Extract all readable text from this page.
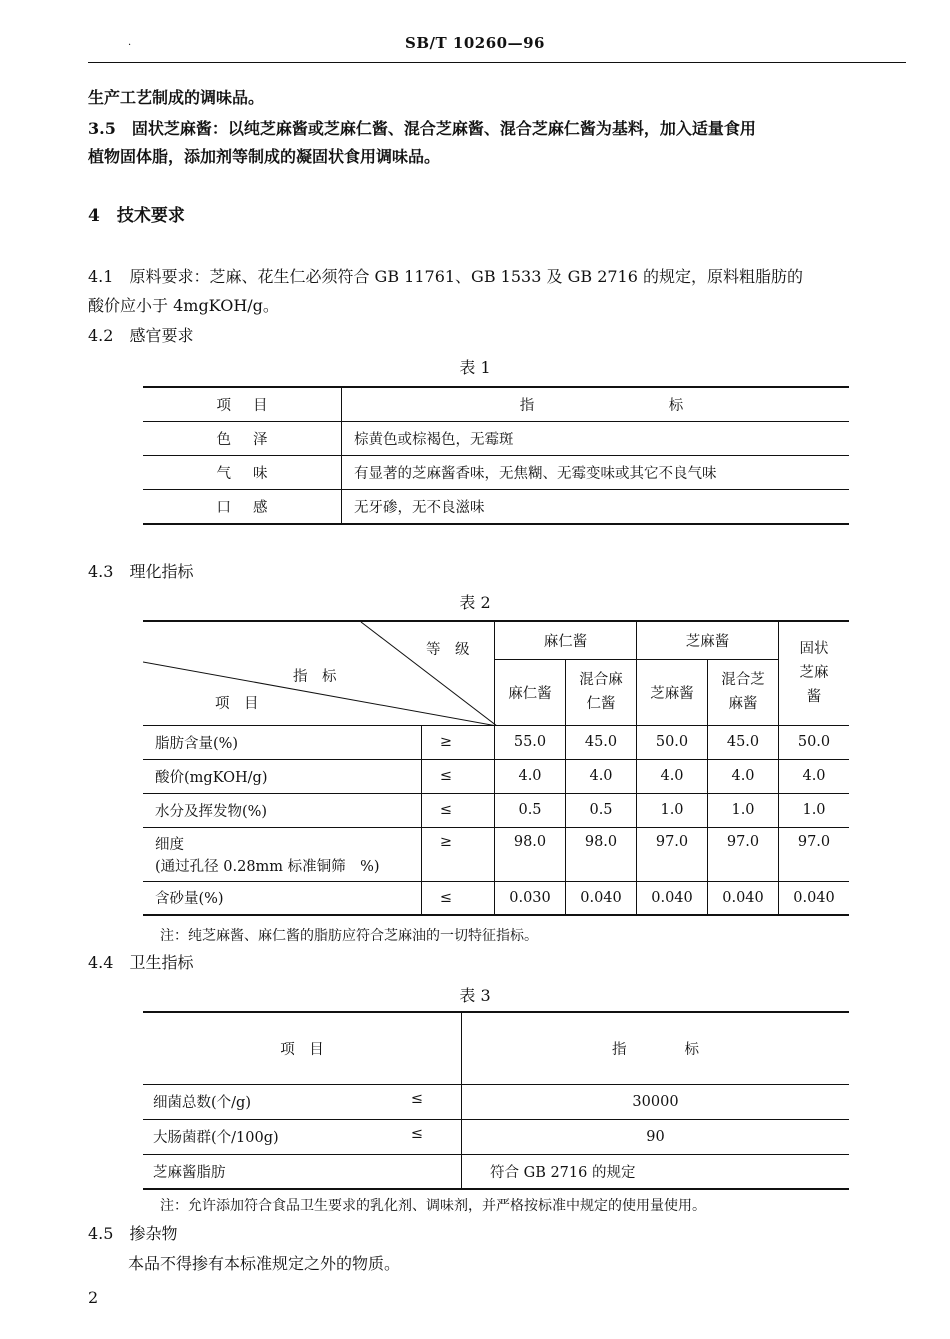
·	SB/T 10260—96
生产工艺制成的调味品。
3.5　固状芝麻酱：以纯芝麻酱或芝麻仁酱、混合芝麻酱、混合芝麻仁酱为基料，加入适量食用
植物固体脂，添加剂等制成的凝固状食用调味品。
4　技术要求
4.1　原料要求：芝麻、花生仁必须符合 GB 11761、GB 1533 及 GB 2716 的规定，原料粗脂肪的
酸价应小于 4mgKOH/g。
4.2　感官要求
表 1
项目	指 标
色泽	棕黄色或棕褐色，无霉斑
气味	有显著的芝麻酱香味，无焦糊、无霉变味或其它不良气味
口感	无牙碜，无不良滋味
4.3　理化指标
表 2
等　级
指　标
项　目		麻仁酱		芝麻酱		固状芝麻酱
		麻仁酱	混合麻仁酱	芝麻酱	混合芝麻酱	
脂肪含量(%)	≥	55.0	45.0	50.0	45.0	50.0
酸价(mgKOH/g)	≤	4.0	4.0	4.0	4.0	4.0
水分及挥发物(%)	≤	0.5	0.5	1.0	1.0	1.0

细度
(通过孔径 0.28mm 标准铜筛　%)	≥	98.0	98.0	97.0	97.0	97.0
含砂量(%)	≤	0.030	0.040	0.040	0.040	0.040
注：纯芝麻酱、麻仁酱的脂肪应符合芝麻油的一切特征指标。
4.4　卫生指标
表 3
项　目	指　　　　标
细菌总数(个/g) ≤	30000
大肠菌群(个/100g) ≤	90
芝麻酱脂肪	符合 GB 2716 的规定
注：允许添加符合食品卫生要求的乳化剂、调味剂，并严格按标准中规定的使用量使用。
4.5　掺杂物
本品不得掺有本标准规定之外的物质。
2
